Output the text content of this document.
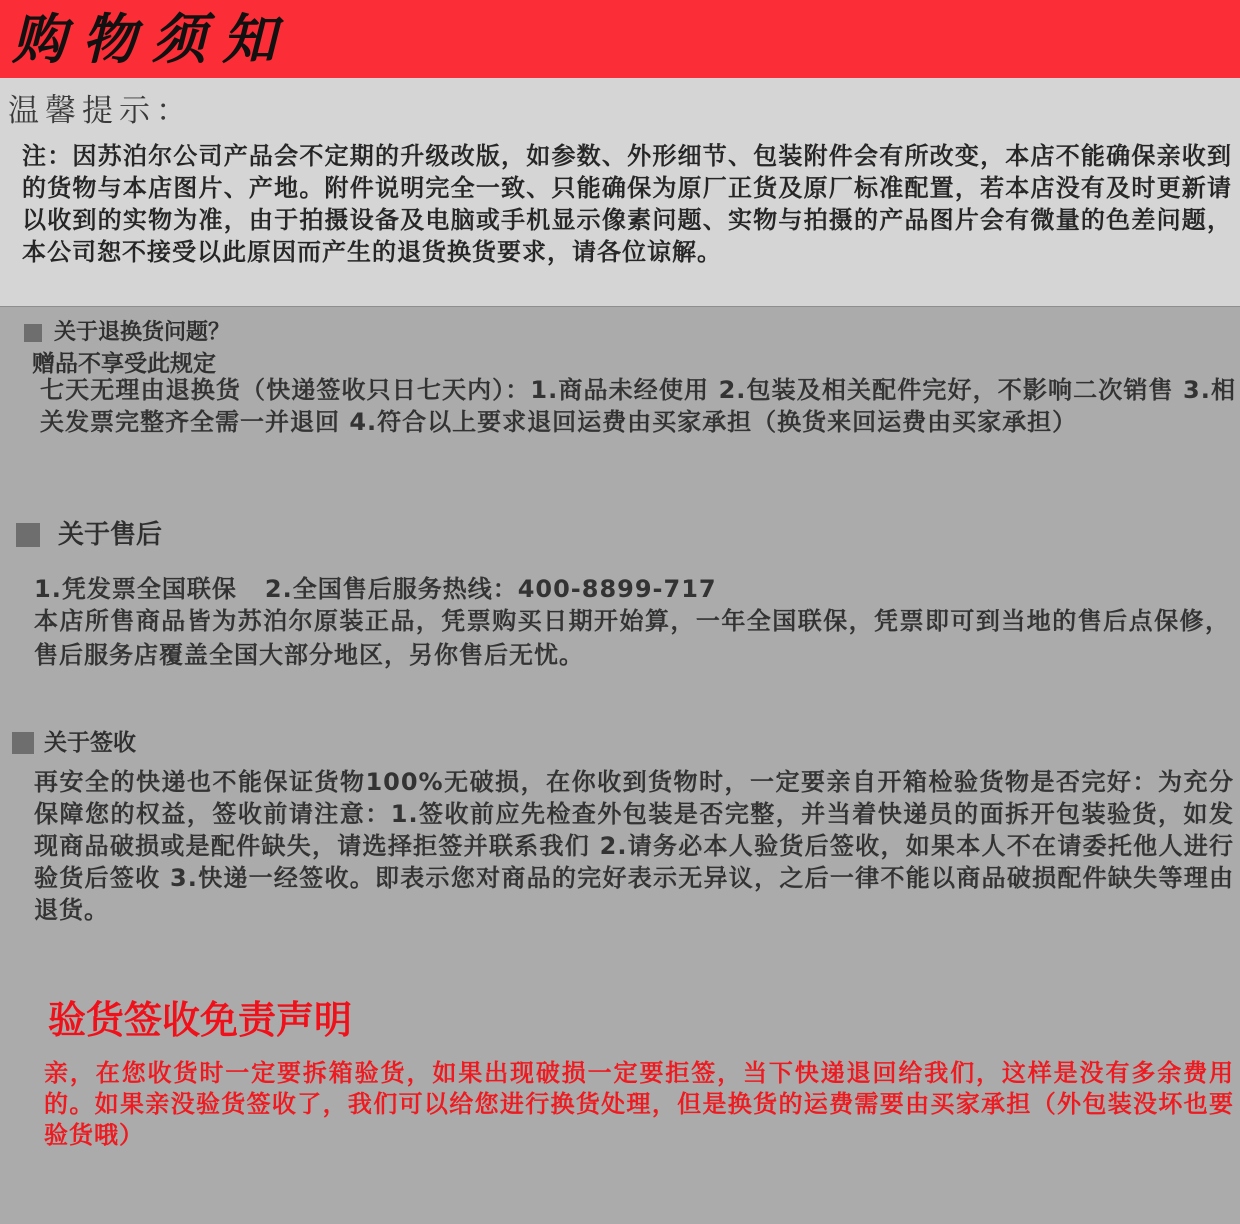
购物须知
温馨提示：

注：因苏泊尔公司产品会不定期的升级改版，如参数、外形细节、包装附件会有所改变，本店不能确保亲收到的货物与本店图片、产地。附件说明完全一致、只能确保为原厂正货及原厂标准配置，若本店没有及时更新请以收到的实物为准，由于拍摄设备及电脑或手机显示像素问题、实物与拍摄的产品图片会有微量的色差问题，本公司恕不接受以此原因而产生的退货换货要求，请各位谅解。

关于退换货问题？
赠品不享受此规定

七天无理由退换货（快递签收只日七天内）：1.商品未经使用 2.包装及相关配件完好，不影响二次销售 3.相关发票完整齐全需一并退回 4.符合以上要求退回运费由买家承担（换货来回运费由买家承担）

关于售后

1.凭发票全国联保   2.全国售后服务热线：400-8899-717

本店所售商品皆为苏泊尔原装正品，凭票购买日期开始算，一年全国联保，凭票即可到当地的售后点保修，售后服务店覆盖全国大部分地区，另你售后无忧。

关于签收

再安全的快递也不能保证货物100%无破损，在你收到货物时，一定要亲自开箱检验货物是否完好：为充分保障您的权益，签收前请注意：1.签收前应先检查外包装是否完整，并当着快递员的面拆开包装验货，如发现商品破损或是配件缺失，请选择拒签并联系我们 2.请务必本人验货后签收，如果本人不在请委托他人进行验货后签收 3.快递一经签收。即表示您对商品的完好表示无异议，之后一律不能以商品破损配件缺失等理由退货。

验货签收免责声明

亲，在您收货时一定要拆箱验货，如果出现破损一定要拒签，当下快递退回给我们，这样是没有多余费用的。如果亲没验货签收了，我们可以给您进行换货处理，但是换货的运费需要由买家承担（外包装没坏也要验货哦）
